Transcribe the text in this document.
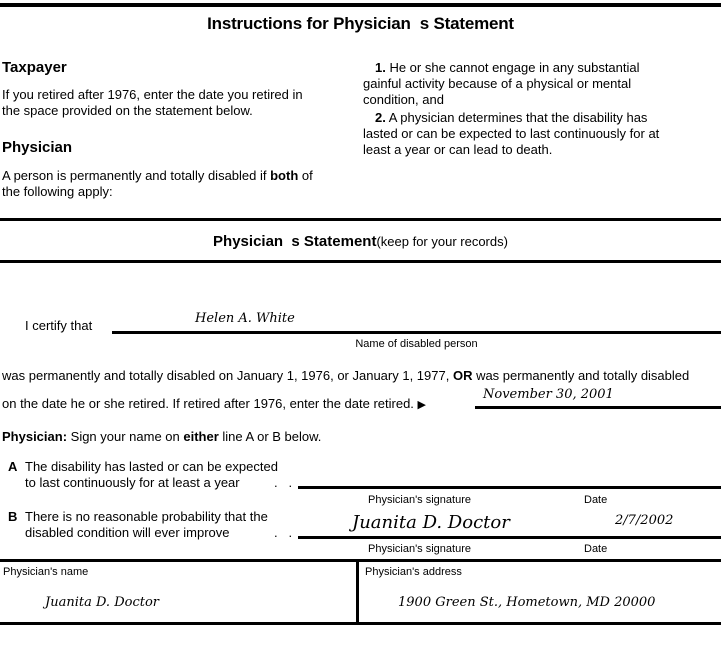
Instructions for Physician  s Statement
Taxpayer
If you retired after 1976, enter the date you retired in
the space provided on the statement below.
Physician
A person is permanently and totally disabled if both of
the following apply:
1. He or she cannot engage in any substantial
gainful activity because of a physical or mental
condition, and
2. A physician determines that the disability has
lasted or can be expected to last continuously for at
least a year or can lead to death.
Physician  s Statement(keep for your records)
I certify that	Helen A. White
Name of disabled person
was permanently and totally disabled on January 1, 1976, or January 1, 1977, OR was permanently and totally disabled
on the date he or she retired. If retired after 1976, enter the date retired. ▶
November 30, 2001
Physician: Sign your name on either line A or B below.
A The disability has lasted or can be expected
to last continuously for at least a year	.   .
Physician's signature	Date
B There is no reasonable probability that the
disabled condition will ever improve	.   .	Juanita D. Doctor	2/7/2002
Physician's signature	Date
Physician's name	Physician's address
Juanita D. Doctor	1900 Green St., Hometown, MD 20000
